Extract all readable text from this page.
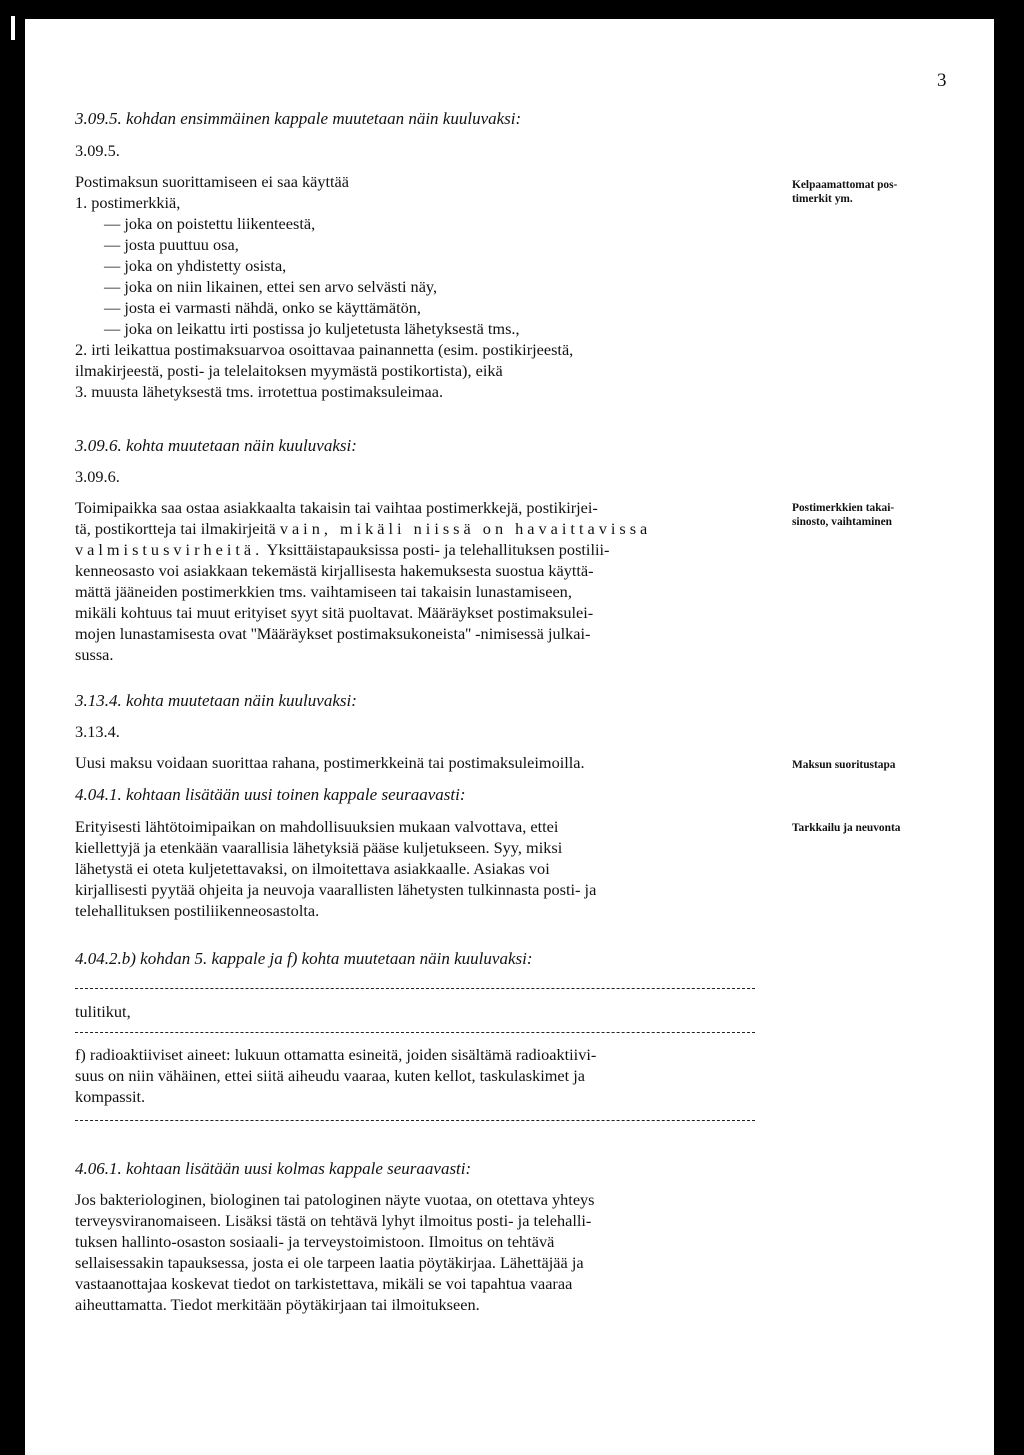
3
3.09.5. kohdan ensimmäinen kappale muutetaan näin kuuluvaksi:
3.09.5.
Postimaksun suorittamiseen ei saa käyttää
1. postimerkkiä,
— joka on poistettu liikenteestä,
— josta puuttuu osa,
— joka on yhdistetty osista,
— joka on niin likainen, ettei sen arvo selvästi näy,
— josta ei varmasti nähdä, onko se käyttämätön,
— joka on leikattu irti postissa jo kuljetetusta lähetyksestä tms.,
2. irti leikattua postimaksuarvoa osoittavaa painannetta (esim. postikirjeestä,
ilmakirjeestä, posti- ja telelaitoksen myymästä postikortista), eikä
3. muusta lähetyksestä tms. irrotettua postimaksuleimaa.
Kelpaamattomat pos-
timerkit ym.
3.09.6. kohta muutetaan näin kuuluvaksi:
3.09.6.
Toimipaikka saa ostaa asiakkaalta takaisin tai vaihtaa postimerkkejä, postikirjei-
tä, postikortteja tai ilmakirjeitä vain, mikäli niissä on havaittavissa
valmistusvirheitä. Yksittäistapauksissa posti- ja telehallituksen postilii-
kenneosasto voi asiakkaan tekemästä kirjallisesta hakemuksesta suostua käyttä-
mättä jääneiden postimerkkien tms. vaihtamiseen tai takaisin lunastamiseen,
mikäli kohtuus tai muut erityiset syyt sitä puoltavat. Määräykset postimaksulei-
mojen lunastamisesta ovat ''Määräykset postimaksukoneista'' -nimisessä julkai-
sussa.
Postimerkkien takai-
sinosto, vaihtaminen
3.13.4. kohta muutetaan näin kuuluvaksi:
3.13.4.
Uusi maksu voidaan suorittaa rahana, postimerkkeinä tai postimaksuleimoilla.	Maksun suoritustapa
4.04.1. kohtaan lisätään uusi toinen kappale seuraavasti:
Erityisesti lähtötoimipaikan on mahdollisuuksien mukaan valvottava, ettei
kiellettyjä ja etenkään vaarallisia lähetyksiä pääse kuljetukseen. Syy, miksi
lähetystä ei oteta kuljetettavaksi, on ilmoitettava asiakkaalle. Asiakas voi
kirjallisesti pyytää ohjeita ja neuvoja vaarallisten lähetysten tulkinnasta posti- ja
telehallituksen postiliikenneosastolta.
Tarkkailu ja neuvonta
4.04.2.b) kohdan 5. kappale ja f) kohta muutetaan näin kuuluvaksi:
tulitikut,
f) radioaktiiviset aineet: lukuun ottamatta esineitä, joiden sisältämä radioaktiivi-
suus on niin vähäinen, ettei siitä aiheudu vaaraa, kuten kellot, taskulaskimet ja
kompassit.
4.06.1. kohtaan lisätään uusi kolmas kappale seuraavasti:
Jos bakteriologinen, biologinen tai patologinen näyte vuotaa, on otettava yhteys
terveysviranomaiseen. Lisäksi tästä on tehtävä lyhyt ilmoitus posti- ja telehalli-
tuksen hallinto-osaston sosiaali- ja terveystoimistoon. Ilmoitus on tehtävä
sellaisessakin tapauksessa, josta ei ole tarpeen laatia pöytäkirjaa. Lähettäjää ja
vastaanottajaa koskevat tiedot on tarkistettava, mikäli se voi tapahtua vaaraa
aiheuttamatta. Tiedot merkitään pöytäkirjaan tai ilmoitukseen.
